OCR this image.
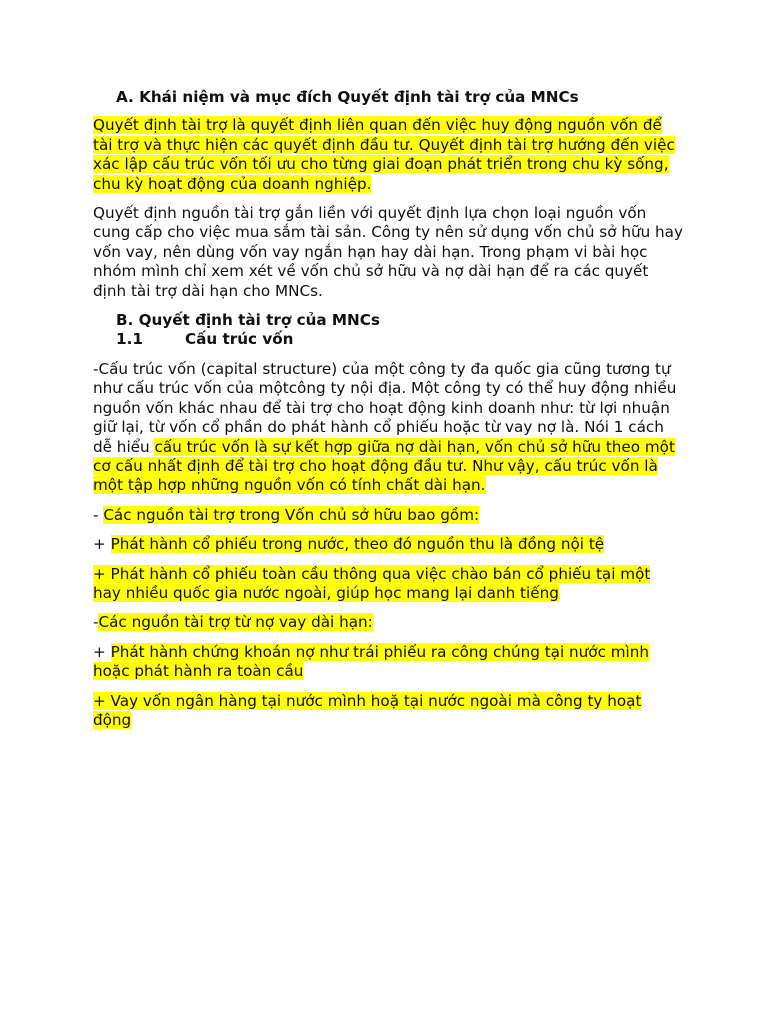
A. Khái niệm và mục đích Quyết định tài trợ của MNCs

Quyết định tài trợ là quyết định liên quan đến việc huy động nguồn vốn để tài trợ và thực hiện các quyết định đầu tư. Quyết định tài trợ hướng đến việc xác lập cấu trúc vốn tối ưu cho từng giai đoạn phát triển trong chu kỳ sống, chu kỳ hoạt động của doanh nghiệp.

Quyết định nguồn tài trợ gắn liền với quyết định lựa chọn loại nguồn vốn cung cấp cho việc mua sắm tài sản. Công ty nên sử dụng vốn chủ sở hữu hay vốn vay, nên dùng vốn vay ngắn hạn hay dài hạn. Trong phạm vi bài học nhóm mình chỉ xem xét về vốn chủ sở hữu và nợ dài hạn để ra các quyết định tài trợ dài hạn cho MNCs.

B. Quyết định tài trợ của MNCs
1.1	Cấu trúc vốn

-Cấu trúc vốn (capital structure) của một công ty đa quốc gia cũng tương tự như cấu trúc vốn của mộtcông ty nội địa. Một công ty có thể huy động nhiều nguồn vốn khác nhau để tài trợ cho hoạt động kinh doanh như: từ lợi nhuận giữ lại, từ vốn cổ phần do phát hành cổ phiếu hoặc từ vay nợ là. Nói 1 cách dễ hiểu cấu trúc vốn là sự kết hợp giữa nợ dài hạn, vốn chủ sở hữu theo một cơ cấu nhất định để tài trợ cho hoạt động đầu tư. Như vậy, cấu trúc vốn là một tập hợp những nguồn vốn có tính chất dài hạn.

- Các nguồn tài trợ trong Vốn chủ sở hữu bao gồm:

+ Phát hành cổ phiếu trong nước, theo đó nguồn thu là đồng nội tệ

+ Phát hành cổ phiếu toàn cầu thông qua việc chào bán cổ phiếu tại một hay nhiều quốc gia nước ngoài, giúp học mang lại danh tiếng

-Các nguồn tài trợ từ nợ vay dài hạn:

+ Phát hành chứng khoán nợ như trái phiếu ra công chúng tại nước mình hoặc phát hành ra toàn cầu

+ Vay vốn ngân hàng tại nước mình hoặ tại nước ngoài mà công ty hoạt động
